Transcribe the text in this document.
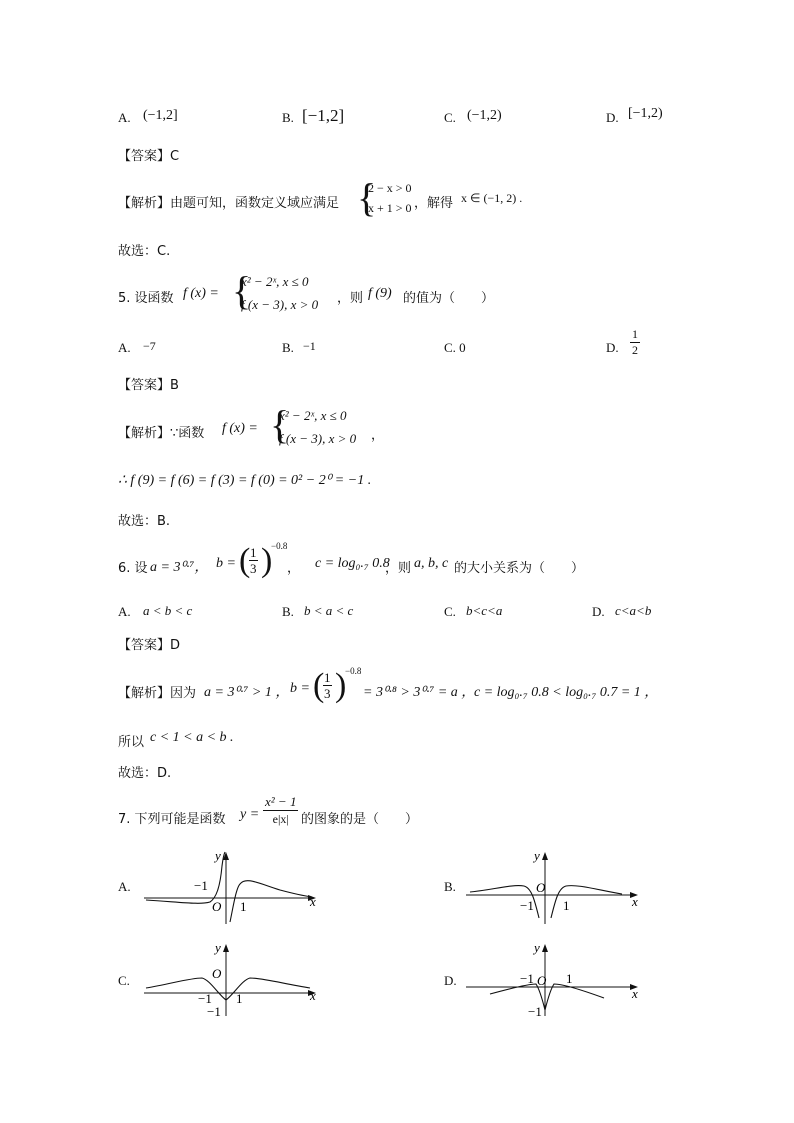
A. (−1,2]	B. [−1,2]	C. (−1,2)	D. [−1,2)
【答案】C
【解析】由题可知，函数定义域应满足 {
2 − x > 0
x + 1 > 0 ，解得 x ∈ (−1, 2) .
故选：C.
5. 设函数 f (x) = {
x² − 2ˣ, x ≤ 0
f (x − 3), x > 0 ，则 f (9) 的值为（　　）
A. −7	B. −1	C. 0	D. $\frac{1}{2}$
【答案】B
【解析】∵函数 f (x) = {
x² − 2ˣ, x ≤ 0
f (x − 3), x > 0 ，
∴ f (9) = f (6) = f (3) = f (0) = 0² − 2⁰ = −1 .
故选：B.
6. 设 a = 3⁰·⁷， b = (
$\frac{1}{3}$ )
−0.8
， c = log₀.₇ 0.8
，则 a, b, c 的大小关系为（　　）
A. a < b < c	B. b < a < c	C. b<c<a	D. c<a<b
【答案】D
【解析】因为 a = 3⁰·⁷ > 1 ， b = (
$\frac{1}{3}$ )
−0.8
= 3⁰·⁸ > 3⁰·⁷ = a ，
c = log₀.₇ 0.8 < log₀.₇ 0.7 = 1 ，
所以 c < 1 < a < b .
故选：D.
7. 下列可能是函数 $y = \frac{\text{x² − 1}}{e|x|}$ 的图象的是（　　）
A.
x
y
O
−1
1
B.
x
y
O
−1 1
C.
x
y
O
−1 1
−1
D.
x
y
O
−1 1
−1
